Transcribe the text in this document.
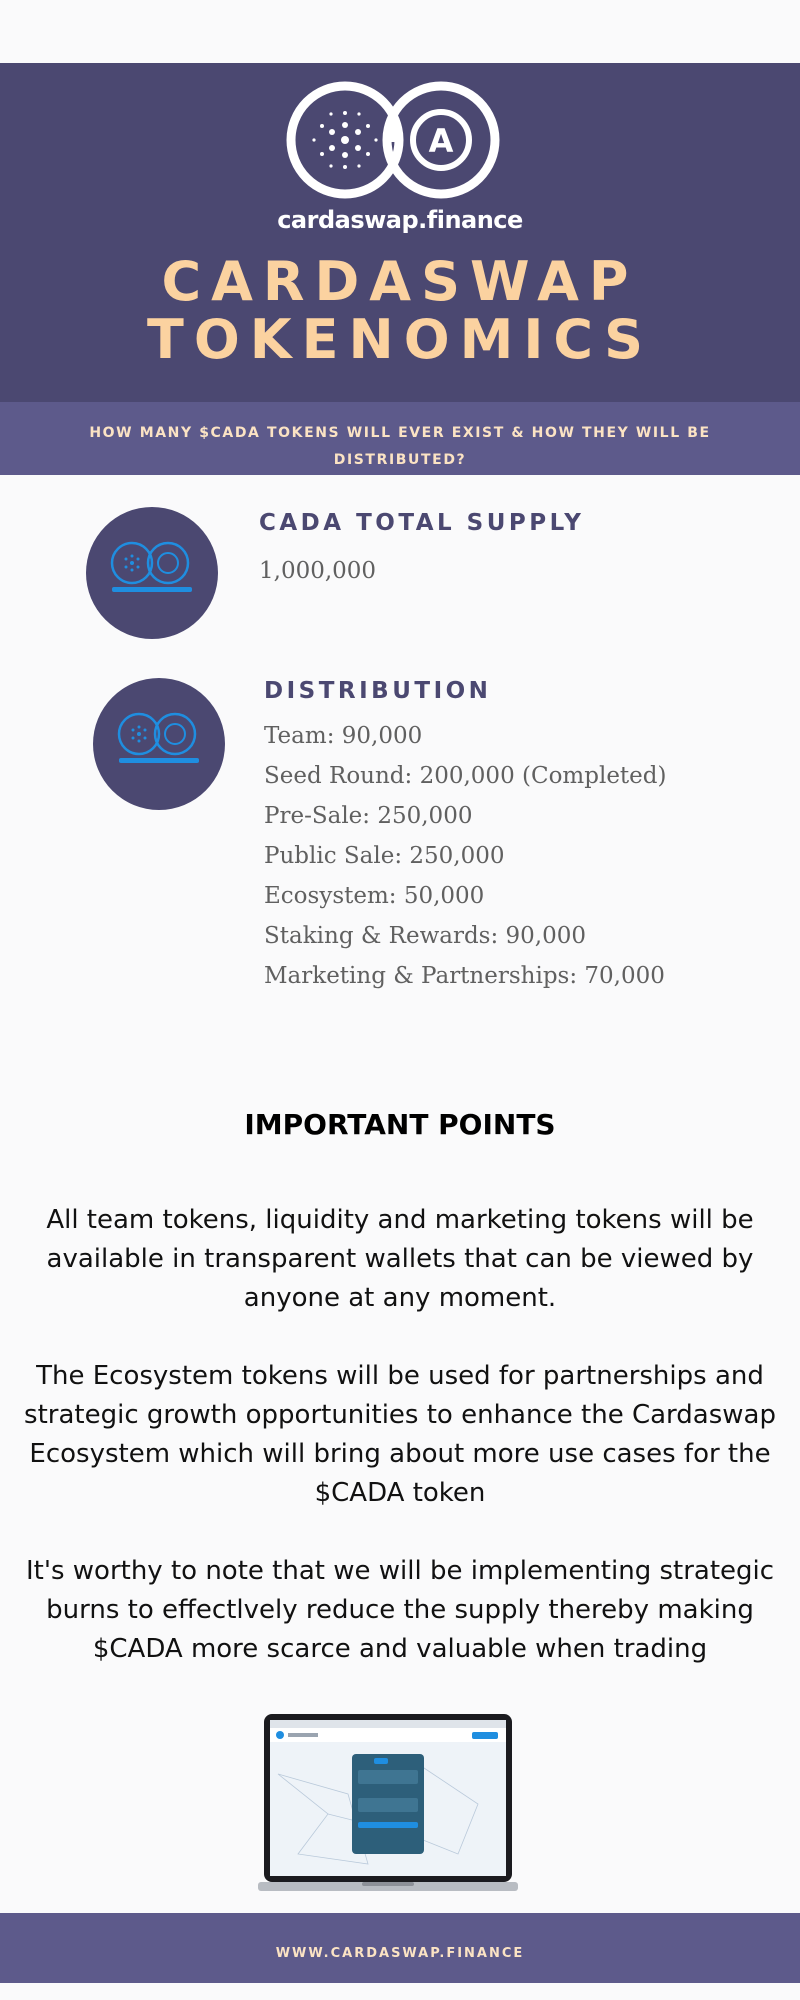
A
cardaswap.finance
CARDASWAP
TOKENOMICS
HOW MANY $CADA TOKENS WILL EVER EXIST & HOW THEY WILL BE DISTRIBUTED?
CADA TOTAL SUPPLY
1,000,000
DISTRIBUTION
Team: 90,000
Seed Round: 200,000 (Completed)
Pre-Sale: 250,000
Public Sale: 250,000
Ecosystem: 50,000
Staking & Rewards: 90,000
Marketing & Partnerships: 70,000
IMPORTANT POINTS
All team tokens, liquidity and marketing tokens will be available in transparent wallets that can be viewed by anyone at any moment.
The Ecosystem tokens will be used for partnerships and strategic growth opportunities to enhance the Cardaswap Ecosystem which will bring about more use cases for the $CADA token
It's worthy to note that we will be implementing strategic burns to effectlvely reduce the supply thereby making $CADA more scarce and valuable when trading
WWW.CARDASWAP.FINANCE
